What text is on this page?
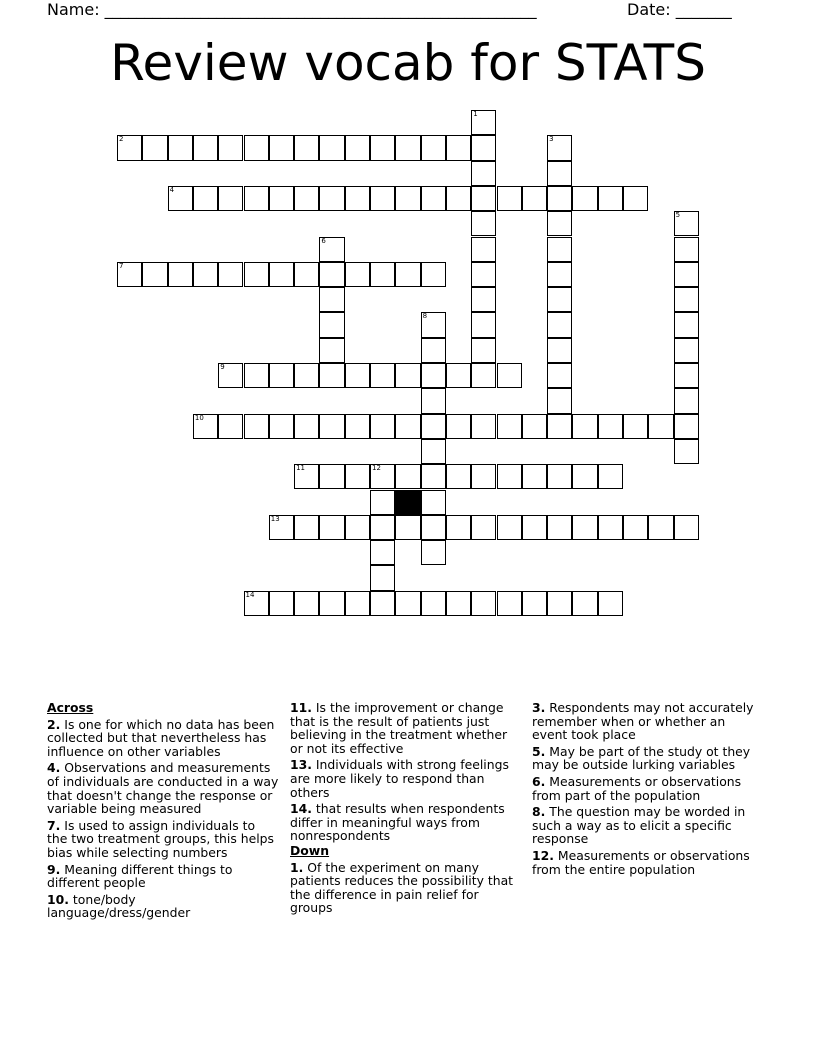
Name: ______________________________________________________	Date: _______
Review vocab for STATS
1
2	3
4
5
6
7
8
9
10
11	12
13
14
Across
2. Is one for which no data has been collected but that nevertheless has influence on other variables
4. Observations and measurements of individuals are conducted in a way that doesn't change the response or variable being measured
7. Is used to assign individuals to the two treatment groups, this helps bias while selecting numbers
9. Meaning different things to different people
10. tone/body language/dress/gender
11. Is the improvement or change that is the result of patients just believing in the treatment whether or not its effective
13. Individuals with strong feelings are more likely to respond than others
14. that results when respondents differ in meaningful ways from nonrespondents
Down
1. Of the experiment on many patients reduces the possibility that the difference in pain relief for groups
3. Respondents may not accurately remember when or whether an event took place
5. May be part of the study ot they may be outside lurking variables
6. Measurements or observations from part of the population
8. The question may be worded in such a way as to elicit a specific response
12. Measurements or observations from the entire population
